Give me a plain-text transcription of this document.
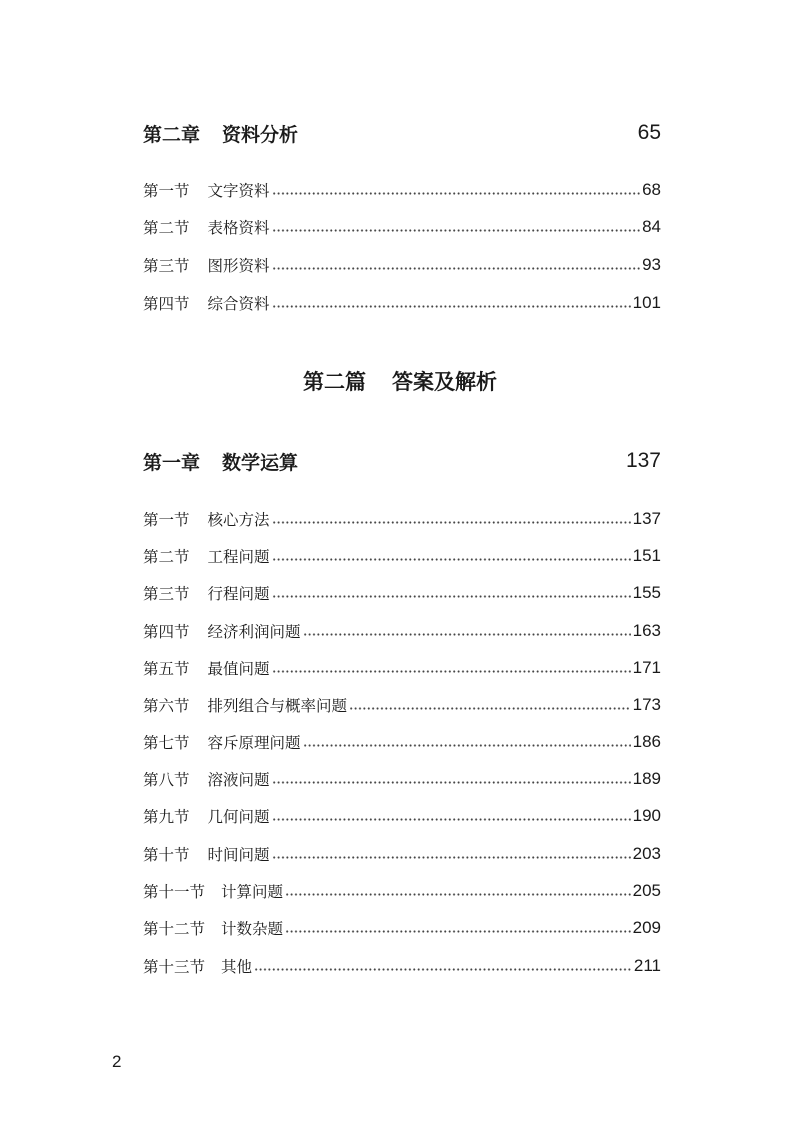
第二章 资料分析	65
第一节 文字资料	68
第二节 表格资料	84
第三节 图形资料	93
第四节 综合资料	101
第二篇 答案及解析
第一章 数学运算	137
第一节 核心方法	137
第二节 工程问题	151
第三节 行程问题	155
第四节 经济利润问题	163
第五节 最值问题	171
第六节 排列组合与概率问题	173
第七节 容斥原理问题	186
第八节 溶液问题	189
第九节 几何问题	190
第十节 时间问题	203
第十一节 计算问题	205
第十二节 计数杂题	209
第十三节 其他	211
2
